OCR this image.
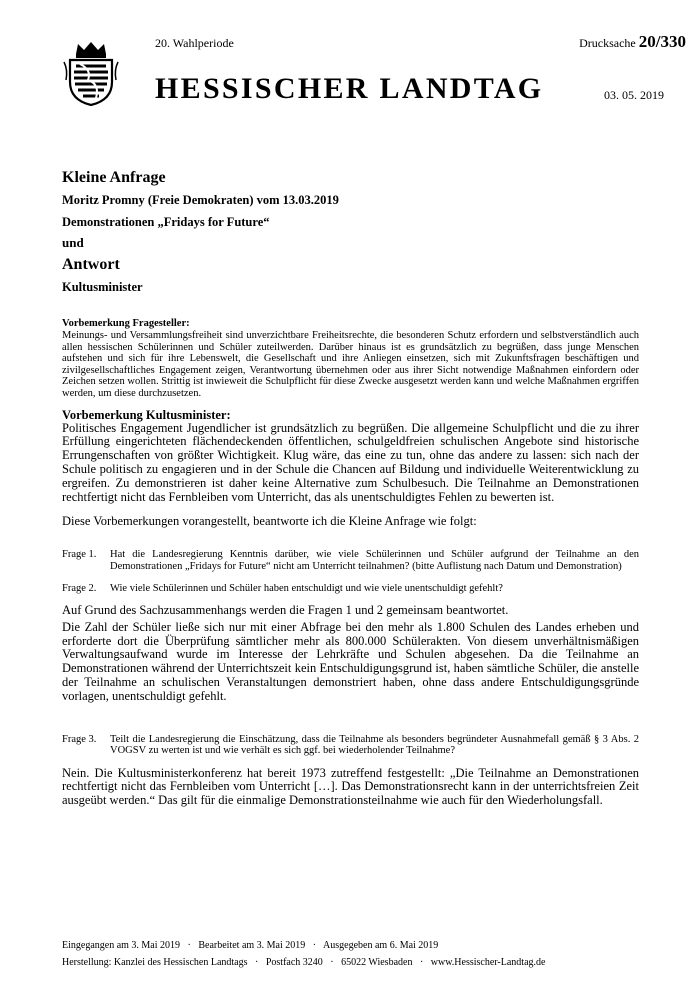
20. Wahlperiode	Drucksache 20/330
HESSISCHER LANDTAG	03. 05. 2019
Kleine Anfrage
Moritz Promny (Freie Demokraten) vom 13.03.2019
Demonstrationen „Fridays for Future“
und
Antwort
Kultusminister
Vorbemerkung Fragesteller:

Meinungs- und Versammlungsfreiheit sind unverzichtbare Freiheitsrechte, die besonderen Schutz erfordern und selbstverständlich auch allen hessischen Schülerinnen und Schüler zuteilwerden. Darüber hinaus ist es grundsätzlich zu begrüßen, dass junge Menschen aufstehen und sich für ihre Lebenswelt, die Gesellschaft und ihre Anliegen einsetzen, sich mit Zukunftsfragen beschäftigen und zivilgesellschaftliches Engagement zeigen, Verantwortung übernehmen oder aus ihrer Sicht notwendige Maßnahmen einfordern oder Zeichen setzen wollen. Strittig ist inwieweit die Schulpflicht für diese Zwecke ausgesetzt werden kann und welche Maßnahmen ergriffen werden, um diese durchzusetzen.

Vorbemerkung Kultusminister:

Politisches Engagement Jugendlicher ist grundsätzlich zu begrüßen. Die allgemeine Schulpflicht und die zu ihrer Erfüllung eingerichteten flächendeckenden öffentlichen, schulgeldfreien schulischen Angebote sind historische Errungenschaften von größter Wichtigkeit. Klug wäre, das eine zu tun, ohne das andere zu lassen: sich nach der Schule politisch zu engagieren und in der Schule die Chancen auf Bildung und individuelle Weiterentwicklung zu ergreifen. Zu demonstrieren ist daher keine Alternative zum Schulbesuch. Die Teilnahme an Demonstrationen rechtfertigt nicht das Fernbleiben vom Unterricht, das als unentschuldigtes Fehlen zu bewerten ist.

Diese Vorbemerkungen vorangestellt, beantworte ich die Kleine Anfrage wie folgt:

Frage 1.	Hat die Landesregierung Kenntnis darüber, wie viele Schülerinnen und Schüler aufgrund der Teilnahme an den Demonstrationen „Fridays for Future“ nicht am Unterricht teilnahmen? (bitte Auflistung nach Datum und Demonstration)
Frage 2.	Wie viele Schülerinnen und Schüler haben entschuldigt und wie viele unentschuldigt gefehlt?

Auf Grund des Sachzusammenhangs werden die Fragen 1 und 2 gemeinsam beantwortet.

Die Zahl der Schüler ließe sich nur mit einer Abfrage bei den mehr als 1.800 Schulen des Landes erheben und erforderte dort die Überprüfung sämtlicher mehr als 800.000 Schülerakten. Von diesem unverhältnismäßigen Verwaltungsaufwand wurde im Interesse der Lehrkräfte und Schulen abgesehen. Da die Teilnahme an Demonstrationen während der Unterrichtszeit kein Entschuldigungsgrund ist, haben sämtliche Schüler, die anstelle der Teilnahme an schulischen Veranstaltungen demonstriert haben, ohne dass andere Entschuldigungsgründe vorlagen, unentschuldigt gefehlt.

Frage 3.	Teilt die Landesregierung die Einschätzung, dass die Teilnahme als besonders begründeter Ausnahmefall gemäß § 3 Abs. 2 VOGSV zu werten ist und wie verhält es sich ggf. bei wiederholender Teilnahme?

Nein. Die Kultusministerkonferenz hat bereit 1973 zutreffend festgestellt: „Die Teilnahme an Demonstrationen rechtfertigt nicht das Fernbleiben vom Unterricht […]. Das Demonstrationsrecht kann in der unterrichtsfreien Zeit ausgeübt werden.“ Das gilt für die einmalige Demonstrationsteilnahme wie auch für den Wiederholungsfall.

Eingegangen am 3. Mai 2019   ·   Bearbeitet am 3. Mai 2019   ·   Ausgegeben am 6. Mai 2019
Herstellung: Kanzlei des Hessischen Landtags   ·   Postfach 3240   ·   65022 Wiesbaden   ·   www.Hessischer-Landtag.de
